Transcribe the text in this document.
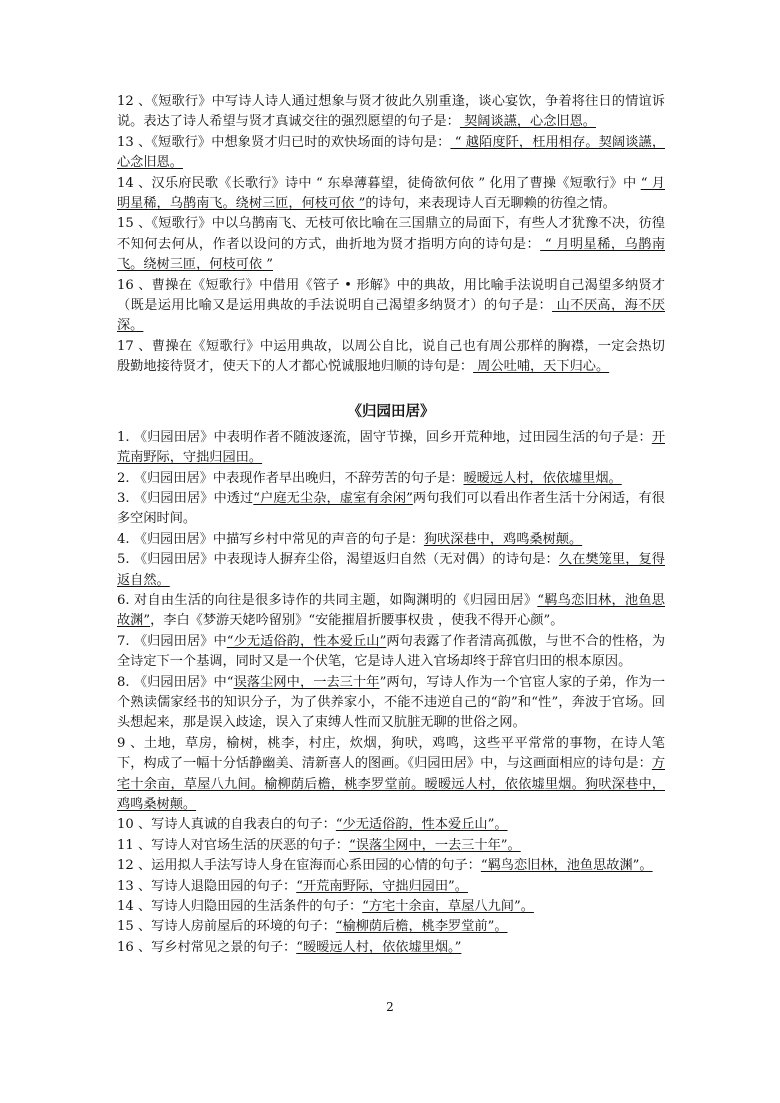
12 、《短歌行》中写诗人诗人通过想象与贤才彼此久别重逢，谈心宴饮，争着将往日的情谊诉说。表达了诗人希望与贤才真诚交往的强烈愿望的句子是： 契阔谈讌，心念旧恩。

13 、《短歌行》中想象贤才归已时的欢快场面的诗句是： “ 越陌度阡，枉用相存。契阔谈讌，心念旧恩。

14 、汉乐府民歌《长歌行》诗中 “ 东皋薄暮望，徒倚欲何依 ” 化用了曹操《短歌行》中 “ 月明星稀，乌鹊南飞。绕树三匝，何枝可依 ”的诗句，来表现诗人百无聊赖的彷徨之情。

15 、《短歌行》中以乌鹊南飞、无枝可依比喻在三国鼎立的局面下，有些人才犹豫不决，彷徨不知何去何从，作者以设问的方式，曲折地为贤才指明方向的诗句是： “ 月明星稀，乌鹊南飞。绕树三匝，何枝可依 ”

16 、曹操在《短歌行》中借用《管子 • 形解》中的典故，用比喻手法说明自己渴望多纳贤才（既是运用比喻又是运用典故的手法说明自己渴望多纳贤才）的句子是： 山不厌高，海不厌深。

17 、曹操在《短歌行》中运用典故，以周公自比，说自己也有周公那样的胸襟，一定会热切殷勤地接待贤才，使天下的人才都心悦诚服地归顺的诗句是： 周公吐哺，天下归心。

《归园田居》

1. 《归园田居》中表明作者不随波逐流，固守节操，回乡开荒种地，过田园生活的句子是：开荒南野际，守拙归园田。

2. 《归园田居》中表现作者早出晚归，不辞劳苦的句子是：暧暧远人村，依依墟里烟。

3. 《归园田居》中透过“户庭无尘杂，虚室有余闲”两句我们可以看出作者生活十分闲适，有很多空闲时间。

4. 《归园田居》中描写乡村中常见的声音的句子是：狗吠深巷中，鸡鸣桑树颠。

5. 《归园田居》中表现诗人摒弃尘俗，渴望返归自然（无对偶）的诗句是：久在樊笼里，复得返自然。

6. 对自由生活的向往是很多诗作的共同主题，如陶渊明的《归园田居》“羁鸟恋旧林，池鱼思故渊”，李白《梦游天姥吟留别》“安能摧眉折腰事权贵 ，使我不得开心颜”。

7. 《归园田居》中“少无适俗韵，性本爱丘山”两句表露了作者清高孤傲，与世不合的性格，为全诗定下一个基调，同时又是一个伏笔，它是诗人进入官场却终于辞官归田的根本原因。

8. 《归园田居》中“误落尘网中，一去三十年”两句，写诗人作为一个官宦人家的子弟，作为一个熟读儒家经书的知识分子，为了供养家小，不能不违逆自己的“韵”和“性”，奔波于官场。回头想起来，那是误入歧途，误入了束缚人性而又肮脏无聊的世俗之网。

9 、土地，草房，榆树，桃李，村庄，炊烟，狗吠，鸡鸣，这些平平常常的事物，在诗人笔下，构成了一幅十分恬静幽美、清新喜人的图画。《归园田居》中，与这画面相应的诗句是：方宅十余亩，草屋八九间。榆柳荫后檐，桃李罗堂前。暧暧远人村，依依墟里烟。狗吠深巷中，鸡鸣桑树颠。

10 、写诗人真诚的自我表白的句子：“少无适俗韵，性本爱丘山”。

11 、写诗人对官场生活的厌恶的句子：“误落尘网中，一去三十年”。

12 、运用拟人手法写诗人身在宦海而心系田园的心情的句子：“羁鸟恋旧林，池鱼思故渊”。

13 、写诗人退隐田园的句子：“开荒南野际，守拙归园田”。

14 、写诗人归隐田园的生活条件的句子：“方宅十余亩，草屋八九间”。

15 、写诗人房前屋后的环境的句子：“榆柳荫后檐，桃李罗堂前”。

16 、写乡村常见之景的句子：“暧暧远人村，依依墟里烟。”

2
